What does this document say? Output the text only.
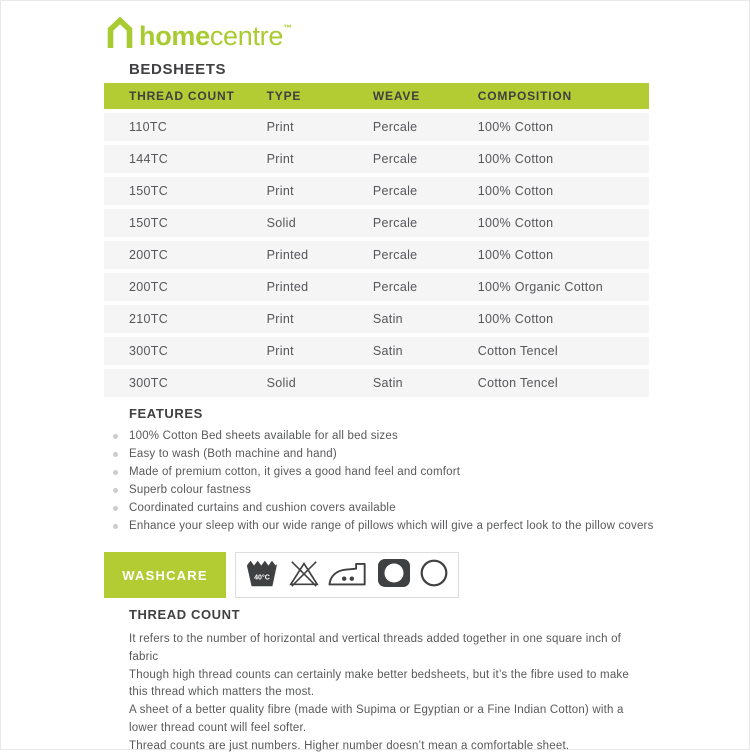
homecentre™
BEDSHEETS
THREAD COUNT	TYPE	WEAVE	COMPOSITION
110TC	Print	Percale	100% Cotton
144TC	Print	Percale	100% Cotton
150TC	Print	Percale	100% Cotton
150TC	Solid	Percale	100% Cotton
200TC	Printed	Percale	100% Cotton
200TC	Printed	Percale	100% Organic Cotton
210TC	Print	Satin	100% Cotton
300TC	Print	Satin	Cotton Tencel
300TC	Solid	Satin	Cotton Tencel
FEATURES
100% Cotton Bed sheets available for all bed sizes
Easy to wash (Both machine and hand)
Made of premium cotton, it gives a good hand feel and comfort
Superb colour fastness
Coordinated curtains and cushion covers available
Enhance your sleep with our wide range of pillows which will give a perfect look to the pillow covers
WASHCARE	40°C
THREAD COUNT

It refers to the number of horizontal and vertical threads added together in one square inch of fabric

Though high thread counts can certainly make better bedsheets, but it’s the fibre used to make this thread which matters the most.

A sheet of a better quality fibre (made with Supima or Egyptian or a Fine Indian Cotton) with a lower thread count will feel softer.

Thread counts are just numbers. Higher number doesn’t mean a comfortable sheet.
